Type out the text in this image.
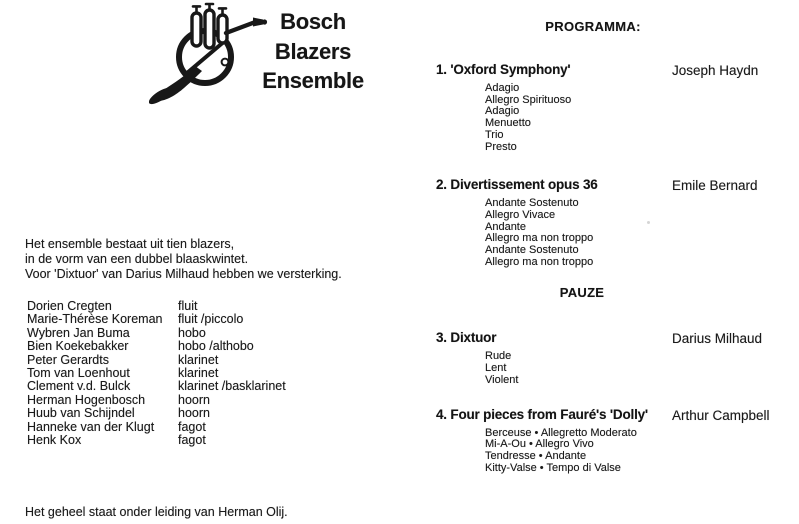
Bosch
Blazers
Ensemble
Het ensemble bestaat uit tien blazers,
in de vorm van een dubbel blaaskwintet.
Voor 'Dixtuor' van Darius Milhaud hebben we versterking.
Dorien Cregten	fluit
Marie-Thérèse Koreman	fluit /piccolo
Wybren Jan Buma	hobo
Bien Koekebakker	hobo /althobo
Peter Gerardts	klarinet
Tom van Loenhout	klarinet
Clement v.d. Bulck	klarinet /basklarinet
Herman Hogenbosch	hoorn
Huub van Schijndel	hoorn
Hanneke van der Klugt	fagot
Henk Kox	fagot
Het geheel staat onder leiding van Herman Olij.
PROGRAMMA:
1. 'Oxford Symphony'	Joseph Haydn
Adagio
Allegro Spirituoso
Adagio
Menuetto
Trio
Presto
2. Divertissement opus 36	Emile Bernard
Andante Sostenuto
Allegro Vivace
Andante
Allegro ma non troppo
Andante Sostenuto
Allegro ma non troppo
PAUZE
3. Dixtuor	Darius Milhaud
Rude
Lent
Violent
4. Four pieces from Fauré's 'Dolly' Arthur Campbell
Berceuse • Allegretto Moderato
Mi-A-Ou • Allegro Vivo
Tendresse • Andante
Kitty-Valse • Tempo di Valse
